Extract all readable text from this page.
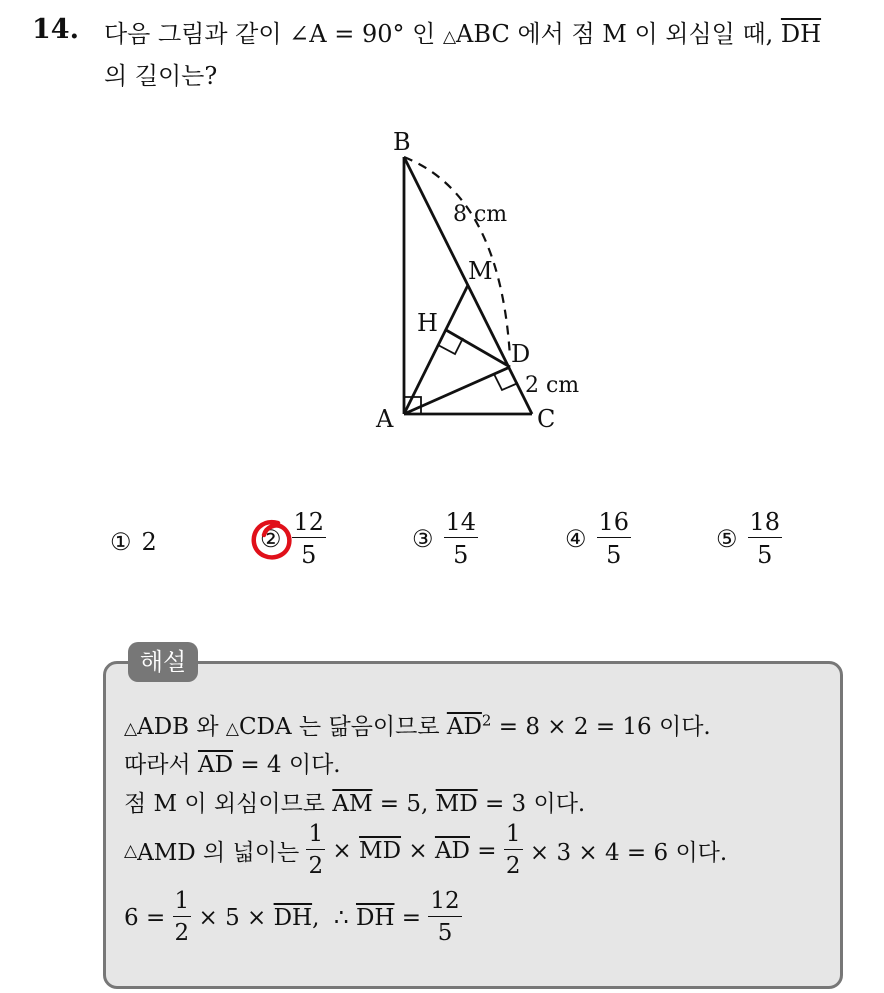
14. 다음 그림과 같이 ∠A = 90° 인 △ABC 에서 점 M 이 외심일 때, $\overline{DH}$
의 길이는?
B
M
H
D
A	C
8 cm
2 cm
① 2	② $\frac{12}{5}$	③ $\frac{14}{5}$	④ $\frac{16}{5}$	⑤ $\frac{18}{5}$
해설
△ADB 와 △CDA 는 닮음이므로 $\overline{AD}^2 = 8 \times 2 = 16$ 이다.
따라서 $\overline{AD} = 4$ 이다.
점 M 이 외심이므로 $\overline{AM} = 5$, $\overline{MD} = 3$ 이다.
△ AMD 의 넓이는 $\frac{1}{2} \times \overline{MD} \times \overline{AD} = \frac{1}{2} \times 3 \times 4 = 6$ 이다.
$6 = \frac{1}{2} \times 5 \times \overline{DH}$ ,  ∴ $\overline{DH} = \frac{12}{5}$
